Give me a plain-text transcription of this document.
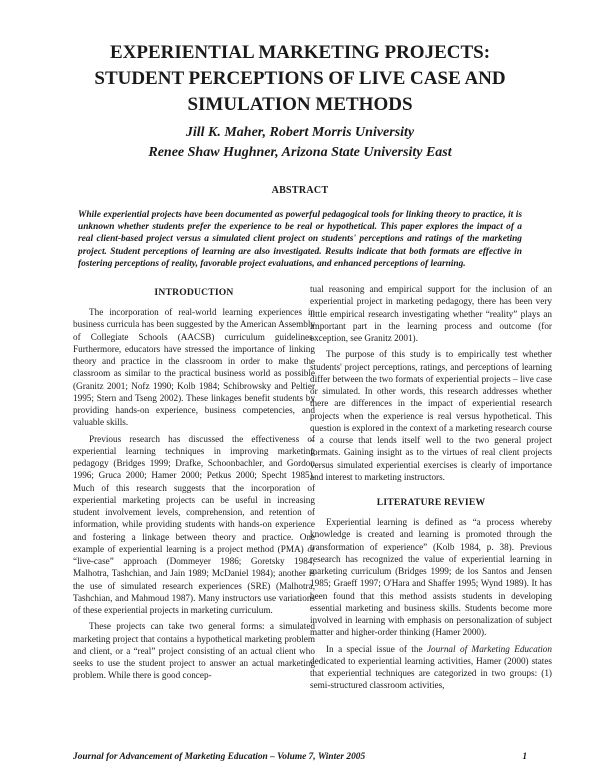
EXPERIENTIAL MARKETING PROJECTS:
STUDENT PERCEPTIONS OF LIVE CASE AND
SIMULATION METHODS
Jill K. Maher, Robert Morris University
Renee Shaw Hughner, Arizona State University East
ABSTRACT

While experiential projects have been documented as powerful pedagogical tools for linking theory to practice, it is unknown whether students prefer the experience to be real or hypothetical. This paper explores the impact of a real client-based project versus a simulated client project on students' perceptions and ratings of the marketing project. Student perceptions of learning are also investigated. Results indicate that both formats are effective in fostering perceptions of reality, favorable project evaluations, and enhanced perceptions of learning.

INTRODUCTION

The incorporation of real-world learning experiences in business curricula has been suggested by the American Assembly of Collegiate Schools (AACSB) curriculum guidelines. Furthermore, educators have stressed the importance of linking theory and practice in the classroom in order to make the classroom as similar to the practical business world as possible (Granitz 2001; Nofz 1990; Kolb 1984; Schibrowsky and Peltier 1995; Stern and Tseng 2002). These linkages benefit students by providing hands-on experience, business competencies, and valuable skills.

Previous research has discussed the effectiveness of experiential learning techniques in improving marketing pedagogy (Bridges 1999; Drafke, Schoonbachler, and Gordon 1996; Gruca 2000; Hamer 2000; Petkus 2000; Specht 1985). Much of this research suggests that the incorporation of experiential marketing projects can be useful in increasing student involvement levels, comprehension, and retention of information, while providing students with hands-on experience and fostering a linkage between theory and practice. One example of experiential learning is a project method (PMA) or “live-case” approach (Dommeyer 1986; Goretsky 1984; Malhotra, Tashchian, and Jain 1989; McDaniel 1984); another is the use of simulated research experiences (SRE) (Malhotra, Tashchian, and Mahmoud 1987). Many instructors use variations of these experiential projects in marketing curriculum.

These projects can take two general forms: a simulated marketing project that contains a hypothetical marketing problem and client, or a “real” project consisting of an actual client who seeks to use the student project to answer an actual marketing problem. While there is good concep-

tual reasoning and empirical support for the inclusion of an experiential project in marketing pedagogy, there has been very little empirical research investigating whether “reality” plays an important part in the learning process and outcome (for exception, see Granitz 2001).

The purpose of this study is to empirically test whether students' project perceptions, ratings, and perceptions of learning differ between the two formats of experiential projects – live case or simulated. In other words, this research addresses whether there are differences in the impact of experiential research projects when the experience is real versus hypothetical. This question is explored in the context of a marketing research course – a course that lends itself well to the two general project formats. Gaining insight as to the virtues of real client projects versus simulated experiential exercises is clearly of importance and interest to marketing instructors.

LITERATURE REVIEW

Experiential learning is defined as “a process whereby knowledge is created and learning is promoted through the transformation of experience” (Kolb 1984, p. 38). Previous research has recognized the value of experiential learning in marketing curriculum (Bridges 1999; de los Santos and Jensen 1985; Graeff 1997; O'Hara and Shaffer 1995; Wynd 1989). It has been found that this method assists students in developing essential marketing and business skills. Students become more involved in learning with emphasis on personalization of subject matter and higher-order thinking (Hamer 2000).

In a special issue of the Journal of Marketing Education dedicated to experiential learning activities, Hamer (2000) states that experiential techniques are categorized in two groups: (1) semi-structured classroom activities,

Journal for Advancement of Marketing Education – Volume 7, Winter 2005	1
